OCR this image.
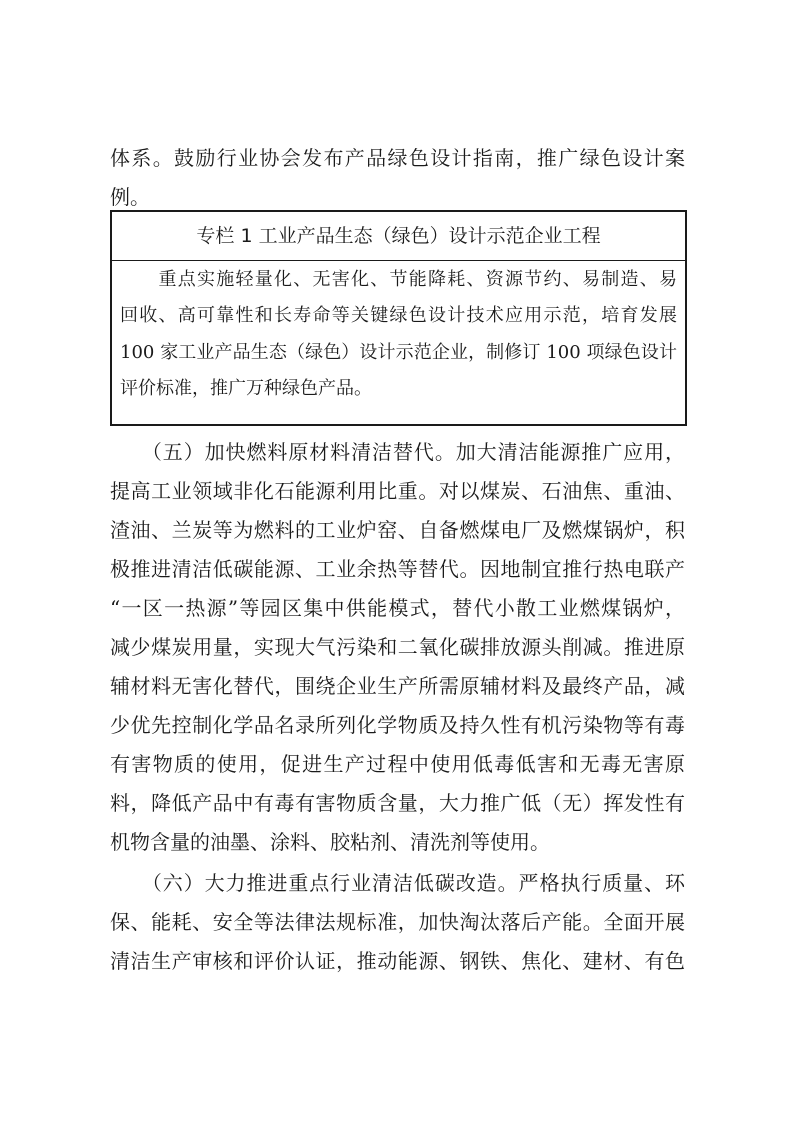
体系。鼓励行业协会发布产品绿色设计指南，推广绿色设计案
例。
专栏 1 工业产品生态（绿色）设计示范企业工程
　　重点实施轻量化、无害化、节能降耗、资源节约、易制造、易
回收、高可靠性和长寿命等关键绿色设计技术应用示范，培育发展
100 家工业产品生态（绿色）设计示范企业，制修订 100 项绿色设计
评价标准，推广万种绿色产品。
　　（五）加快燃料原材料清洁替代。加大清洁能源推广应用，
提高工业领域非化石能源利用比重。对以煤炭、石油焦、重油、
渣油、兰炭等为燃料的工业炉窑、自备燃煤电厂及燃煤锅炉，积
极推进清洁低碳能源、工业余热等替代。因地制宜推行热电联产
“一区一热源”等园区集中供能模式，替代小散工业燃煤锅炉，
减少煤炭用量，实现大气污染和二氧化碳排放源头削减。推进原
辅材料无害化替代，围绕企业生产所需原辅材料及最终产品，减
少优先控制化学品名录所列化学物质及持久性有机污染物等有毒
有害物质的使用，促进生产过程中使用低毒低害和无毒无害原
料，降低产品中有毒有害物质含量，大力推广低（无）挥发性有
机物含量的油墨、涂料、胶粘剂、清洗剂等使用。
　　（六）大力推进重点行业清洁低碳改造。严格执行质量、环
保、能耗、安全等法律法规标准，加快淘汰落后产能。全面开展
清洁生产审核和评价认证，推动能源、钢铁、焦化、建材、有色
